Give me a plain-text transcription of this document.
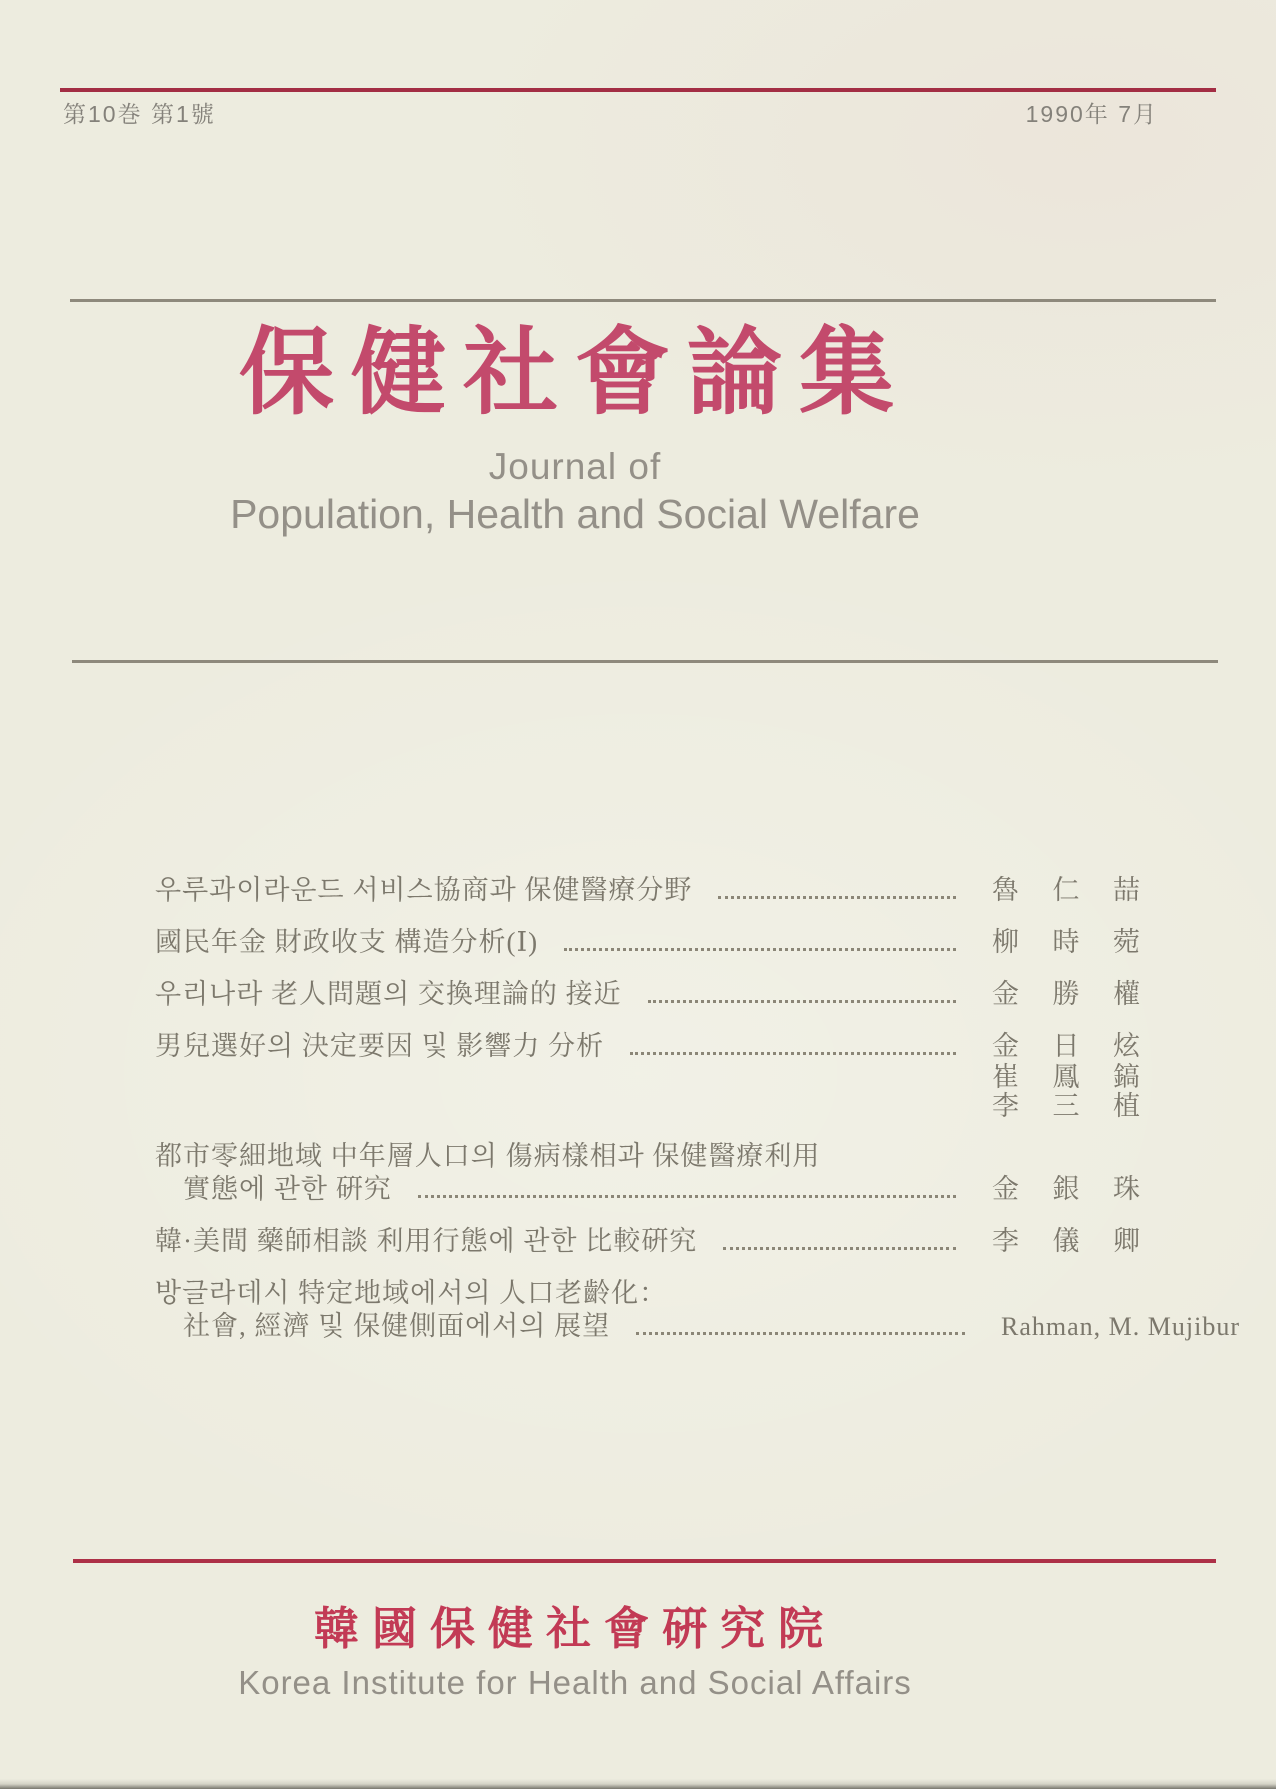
第10巻 第1號	1990年 7月
保健社會論集
Journal of
Population, Health and Social Welfare
우루과이라운드 서비스協商과 保健醫療分野	魯仁喆
國民年金 財政收支 構造分析(Ⅰ)	柳時菀
우리나라 老人問題의 交換理論的 接近	金勝權
男兒選好의 決定要因 및 影響力 分析	金日炫
崔鳳鎬
李三植
都市零細地域 中年層人口의 傷病樣相과 保健醫療利用
實態에 관한 硏究	金銀珠
韓·美間 藥師相談 利用行態에 관한 比較硏究	李儀卿
방글라데시 特定地域에서의 人口老齡化：
社會, 經濟 및 保健側面에서의 展望	Rahman, M. Mujibur
韓國保健社會硏究院
Korea Institute for Health and Social Affairs
